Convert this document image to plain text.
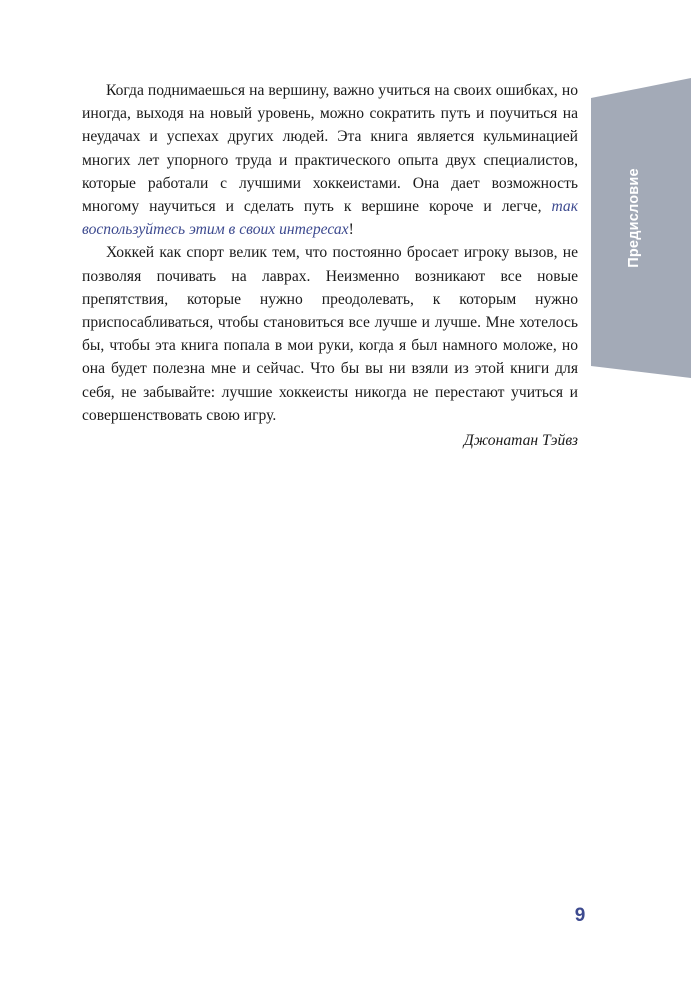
Предисловие

Когда поднимаешься на вершину, важно учиться на своих ошибках, но иногда, выходя на новый уровень, можно сократить путь и поучиться на неудачах и успехах других людей. Эта книга является кульминацией многих лет упорного труда и практического опыта двух специалистов, которые работали с лучшими хоккеистами. Она дает возможность многому научиться и сделать путь к вершине короче и легче, так воспользуйтесь этим в своих интересах!

Хоккей как спорт велик тем, что постоянно бросает игроку вызов, не позволяя почивать на лаврах. Неизменно возникают все новые препятствия, которые нужно преодолевать, к которым нужно приспосабливаться, чтобы становиться все лучше и лучше. Мне хотелось бы, чтобы эта книга попала в мои руки, когда я был намного моложе, но она будет полезна мне и сейчас. Что бы вы ни взяли из этой книги для себя, не забывайте: лучшие хоккеисты никогда не перестают учиться и совершенствовать свою игру.

Джонатан Тэйвз

9
